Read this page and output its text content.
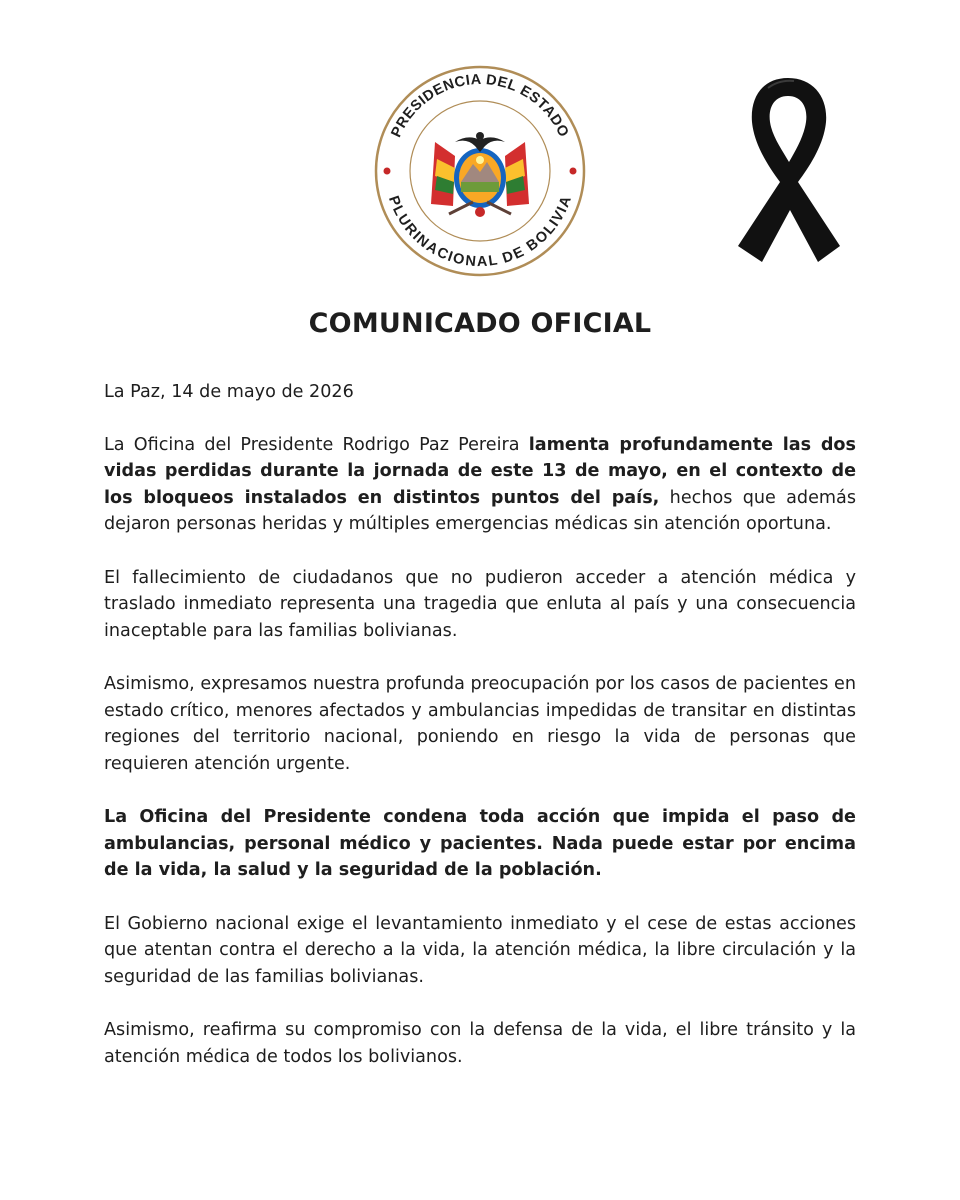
PRESIDENCIA DEL ESTADO
PLURINACIONAL DE BOLIVIA
COMUNICADO OFICIAL

La Paz, 14 de mayo de 2026

La Oficina del Presidente Rodrigo Paz Pereira lamenta profundamente las dos vidas perdidas durante la jornada de este 13 de mayo, en el contexto de los bloqueos instalados en distintos puntos del país, hechos que además dejaron personas heridas y múltiples emergencias médicas sin atención oportuna.

El fallecimiento de ciudadanos que no pudieron acceder a atención médica y traslado inmediato representa una tragedia que enluta al país y una consecuencia inaceptable para las familias bolivianas.

Asimismo, expresamos nuestra profunda preocupación por los casos de pacientes en estado crítico, menores afectados y ambulancias impedidas de transitar en distintas regiones del territorio nacional, poniendo en riesgo la vida de personas que requieren atención urgente.

La Oficina del Presidente condena toda acción que impida el paso de ambulancias, personal médico y pacientes. Nada puede estar por encima de la vida, la salud y la seguridad de la población.

El Gobierno nacional exige el levantamiento inmediato y el cese de estas acciones que atentan contra el derecho a la vida, la atención médica, la libre circulación y la seguridad de las familias bolivianas.

Asimismo, reafirma su compromiso con la defensa de la vida, el libre tránsito y la atención médica de todos los bolivianos.
